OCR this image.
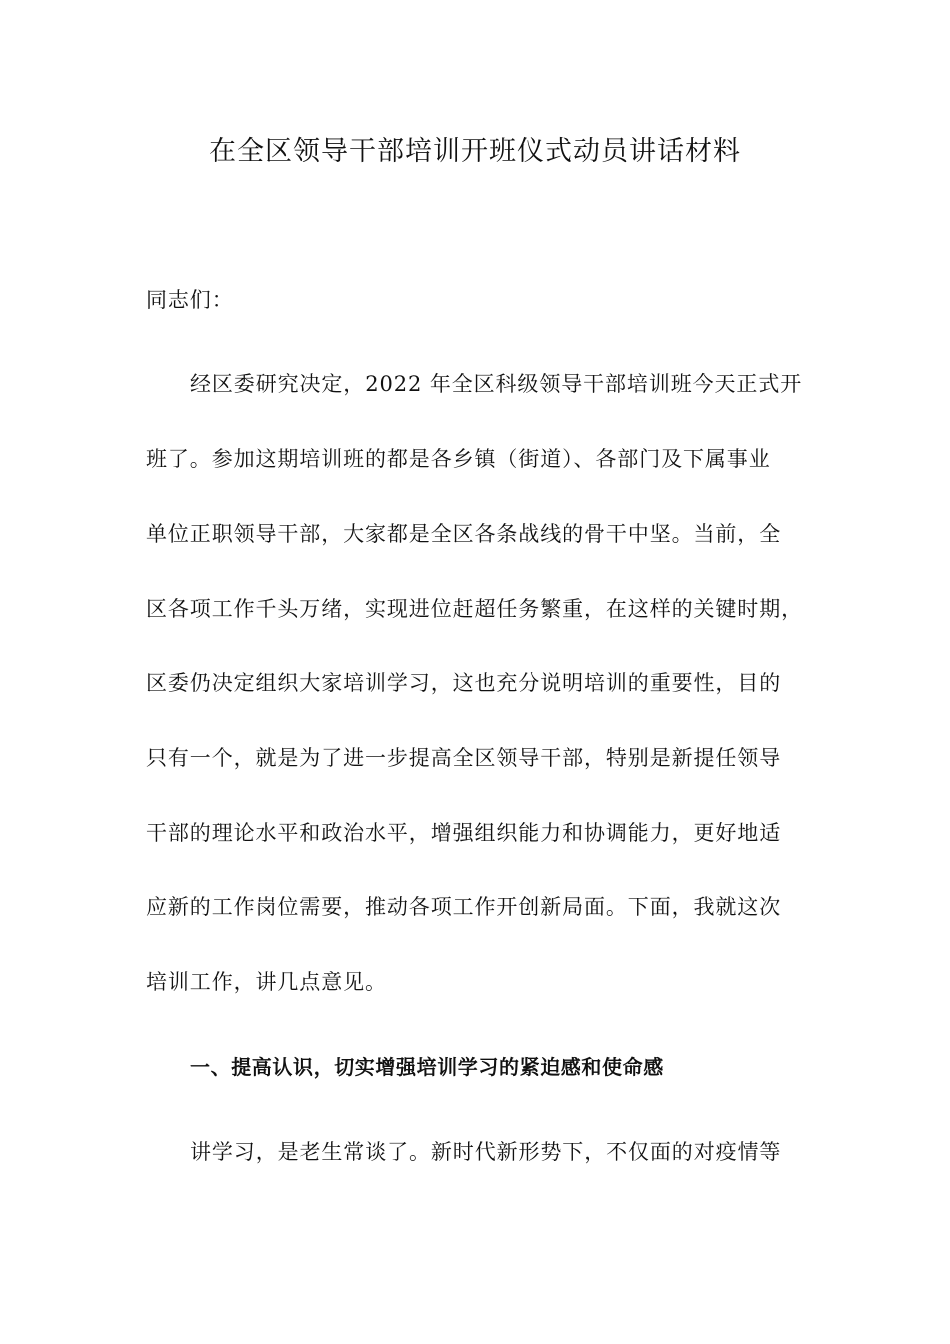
在全区领导干部培训开班仪式动员讲话材料

同志们：

经区委研究决定，2022 年全区科级领导干部培训班今天正式开

班了。参加这期培训班的都是各乡镇（街道）、各部门及下属事业

单位正职领导干部，大家都是全区各条战线的骨干中坚。当前，全

区各项工作千头万绪，实现进位赶超任务繁重，在这样的关键时期，

区委仍决定组织大家培训学习，这也充分说明培训的重要性，目的

只有一个，就是为了进一步提高全区领导干部，特别是新提任领导

干部的理论水平和政治水平，增强组织能力和协调能力，更好地适

应新的工作岗位需要，推动各项工作开创新局面。下面，我就这次

培训工作，讲几点意见。

一、提高认识，切实增强培训学习的紧迫感和使命感

讲学习，是老生常谈了。新时代新形势下，不仅面的对疫情等
